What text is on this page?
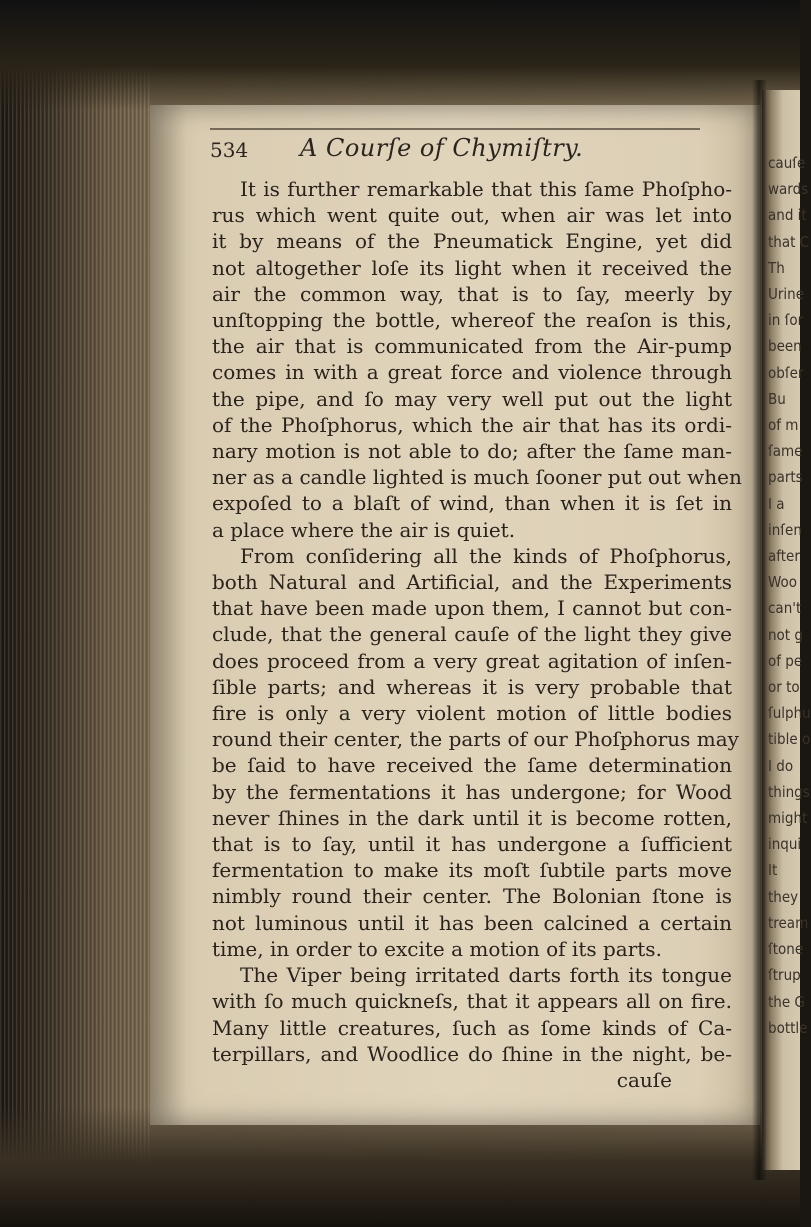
534 A Courſe of Chymiſtry.
It is further remarkable that this ſame Phoſpho-
rus which went quite out, when air was let into
it by means of the Pneumatick Engine, yet did
not altogether loſe its light when it received the
air the common way, that is to ſay, meerly by
unſtopping the bottle, whereof the reaſon is this,
the air that is communicated from the Air-pump
comes in with a great force and violence through
the pipe, and ſo may very well put out the light
of the Phoſphorus, which the air that has its ordi-
nary motion is not able to do; after the ſame man-
ner as a candle lighted is much ſooner put out when
expoſed to a blaſt of wind, than when it is ſet in
a place where the air is quiet.
From conſidering all the kinds of Phoſphorus,
both Natural and Artificial, and the Experiments
that have been made upon them, I cannot but con-
clude, that the general cauſe of the light they give
does proceed from a very great agitation of inſen-
ſible parts; and whereas it is very probable that
fire is only a very violent motion of little bodies
round their center, the parts of our Phoſphorus may
be ſaid to have received the ſame determination
by the fermentations it has undergone; for Wood
never ſhines in the dark until it is become rotten,
that is to ſay, until it has undergone a ſufficient
fermentation to make its moſt ſubtile parts move
nimbly round their center. The Bolonian ſtone is
not luminous until it has been calcined a certain
time, in order to excite a motion of its parts.
The Viper being irritated darts forth its tongue
with ſo much quickneſs, that it appears all on fire.
Many little creatures, ſuch as ſome kinds of Ca-
terpillars, and Woodlice do ſhine in the night, be-
cauſe
cauſe
wards
and it
that C
Th
Urine
in ſor
been
obſer
Bu
of m
ſame
parts
I a
inſen
after
Woo
can't
not g
of pe
or to
ſulphu
tible o
I do
things
might
inqui
It
they
tream
ſtone
ſtrup
the G
bottle
